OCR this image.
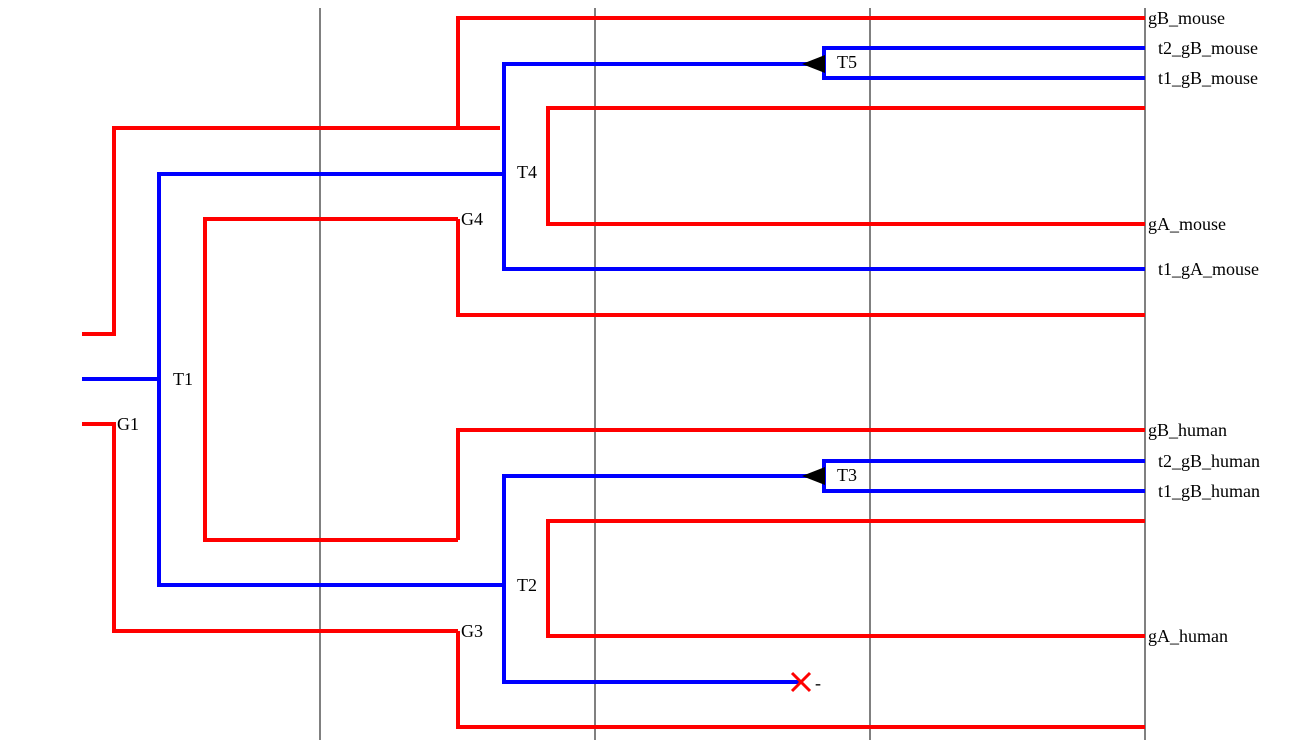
-
T1
G1
G4
T4
T5
T3
T2
G3
gB_mouse
t2_gB_mouse
t1_gB_mouse
gA_mouse
t1_gA_mouse
gB_human
t2_gB_human
t1_gB_human
gA_human
